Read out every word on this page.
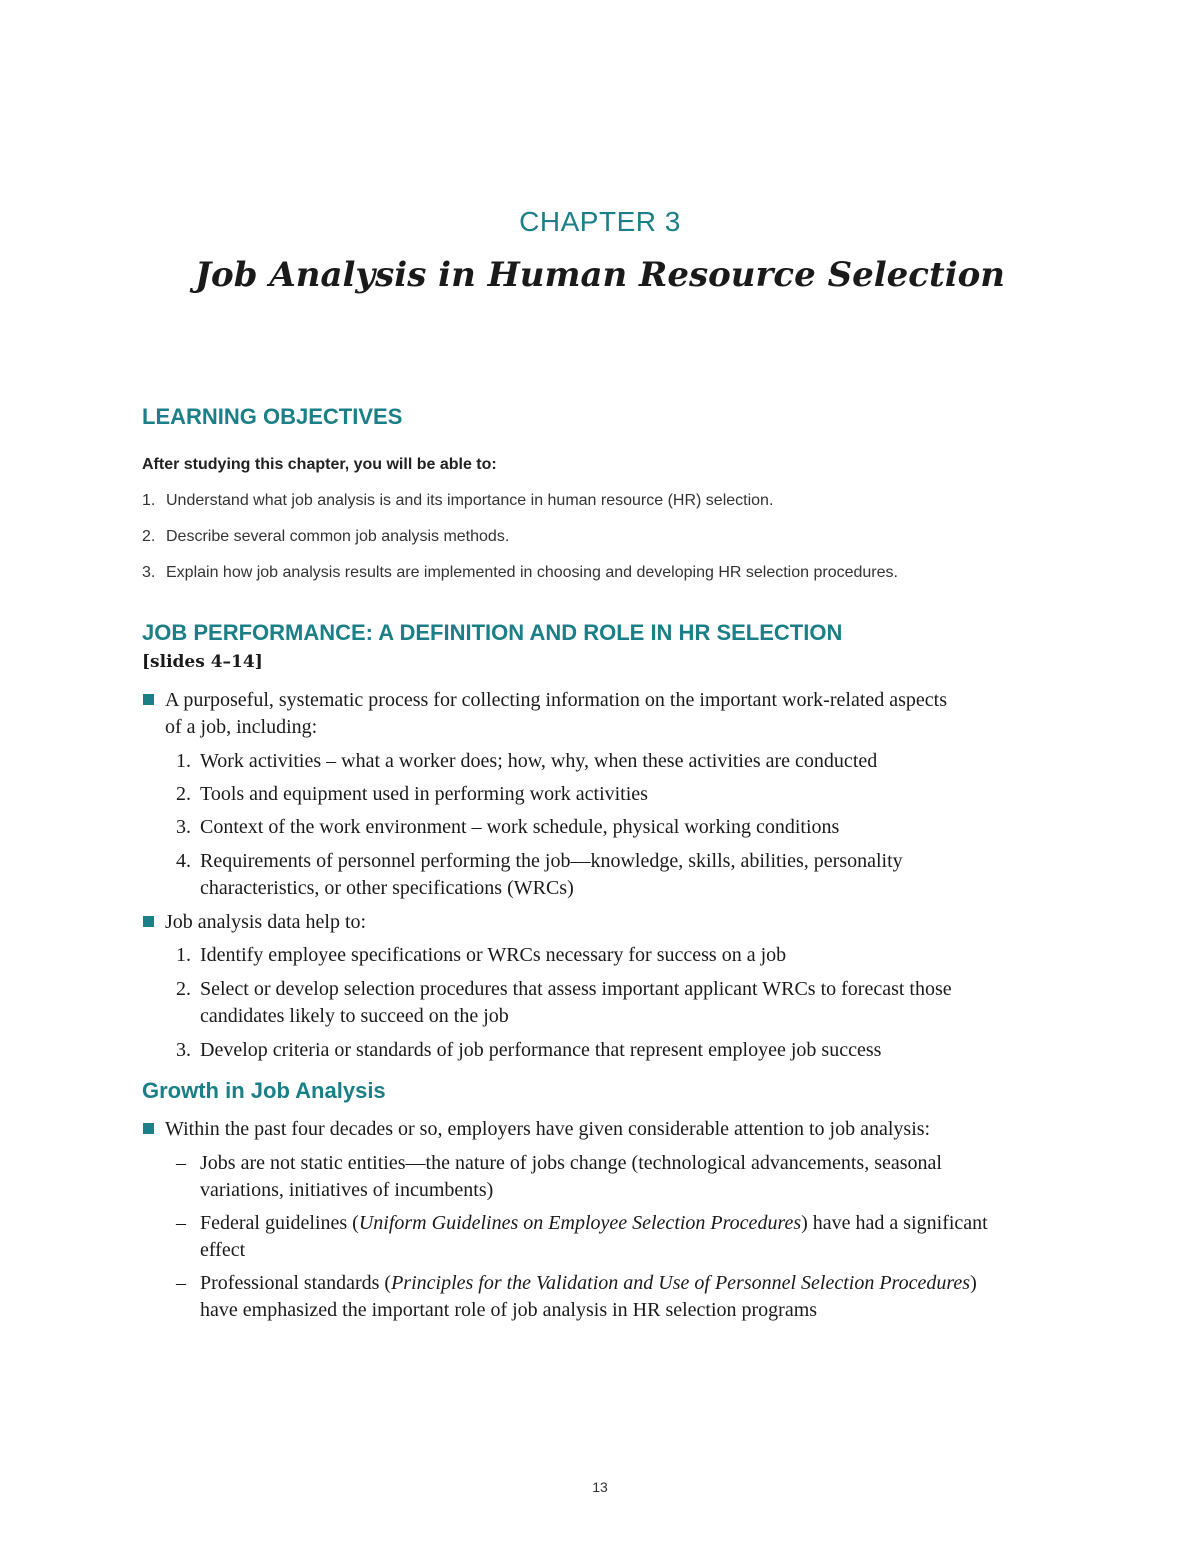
CHAPTER 3
Job Analysis in Human Resource Selection
LEARNING OBJECTIVES
After studying this chapter, you will be able to:
1. Understand what job analysis is and its importance in human resource (HR) selection.
2. Describe several common job analysis methods.
3. Explain how job analysis results are implemented in choosing and developing HR selection procedures.
JOB PERFORMANCE: A DEFINITION AND ROLE IN HR SELECTION
[slides 4–14]
A purposeful, systematic process for collecting information on the important work-related aspects
of a job, including:
1. Work activities – what a worker does; how, why, when these activities are conducted
2. Tools and equipment used in performing work activities
3. Context of the work environment – work schedule, physical working conditions
4. Requirements of personnel performing the job—knowledge, skills, abilities, personality
characteristics, or other specifications (WRCs)
Job analysis data help to:
1. Identify employee specifications or WRCs necessary for success on a job
2. Select or develop selection procedures that assess important applicant WRCs to forecast those
candidates likely to succeed on the job
3. Develop criteria or standards of job performance that represent employee job success
Growth in Job Analysis
Within the past four decades or so, employers have given considerable attention to job analysis:
– Jobs are not static entities—the nature of jobs change (technological advancements, seasonal
variations, initiatives of incumbents)
– Federal guidelines (Uniform Guidelines on Employee Selection Procedures) have had a significant
effect
– Professional standards (Principles for the Validation and Use of Personnel Selection Procedures)
have emphasized the important role of job analysis in HR selection programs
13
